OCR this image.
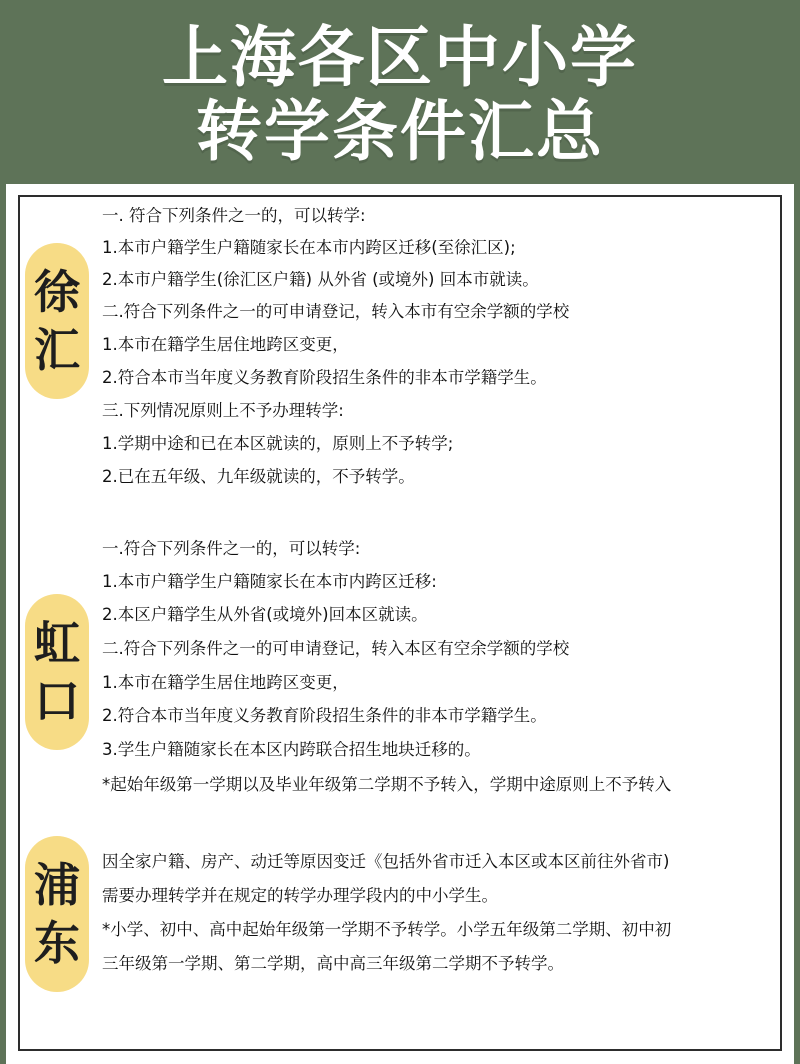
上海各区中小学
转学条件汇总
徐
汇
一. 符合下列条件之一的，可以转学:
1.本市户籍学生户籍随家长在本市内跨区迁移(至徐汇区);
2.本市户籍学生(徐汇区户籍) 从外省 (或境外) 回本市就读。
二.符合下列条件之一的可申请登记，转入本市有空余学额的学校
1.本市在籍学生居住地跨区变更，
2.符合本市当年度义务教育阶段招生条件的非本市学籍学生。
三.下列情况原则上不予办理转学:
1.学期中途和已在本区就读的，原则上不予转学;
2.已在五年级、九年级就读的，不予转学。
虹
口
一.符合下列条件之一的，可以转学:
1.本市户籍学生户籍随家长在本市内跨区迁移:
2.本区户籍学生从外省(或境外)回本区就读。
二.符合下列条件之一的可申请登记，转入本区有空余学额的学校
1.本市在籍学生居住地跨区变更，
2.符合本市当年度义务教育阶段招生条件的非本市学籍学生。
3.学生户籍随家长在本区内跨联合招生地块迁移的。
*起始年级第一学期以及毕业年级第二学期不予转入，学期中途原则上不予转入
浦
东
因全家户籍、房产、动迁等原因变迁《包括外省市迁入本区或本区前往外省市)
需要办理转学并在规定的转学办理学段内的中小学生。
*小学、初中、高中起始年级第一学期不予转学。小学五年级第二学期、初中初
三年级第一学期、第二学期，高中高三年级第二学期不予转学。
